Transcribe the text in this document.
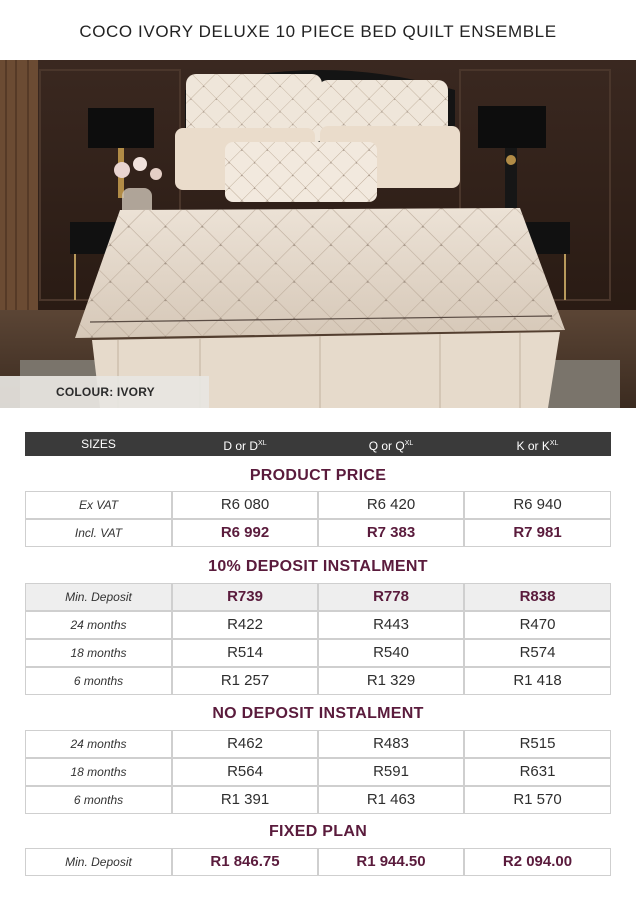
COCO IVORY DELUXE 10 PIECE BED QUILT ENSEMBLE
COLOUR: IVORY
SIZES	D or $D^{XL}$	Q or $Q^{XL}$	K or $K^{XL}$
PRODUCT PRICE
Ex VAT	R6 080	R6 420	R6 940
Incl. VAT	R6 992	R7 383	R7 981
10% DEPOSIT INSTALMENT
Min. Deposit	R739	R778	R838
24 months	R422	R443	R470
18 months	R514	R540	R574
6 months	R1 257	R1 329	R1 418
NO DEPOSIT INSTALMENT
24 months	R462	R483	R515
18 months	R564	R591	R631
6 months	R1 391	R1 463	R1 570
FIXED PLAN
Min. Deposit	R1 846.75	R1 944.50	R2 094.00
